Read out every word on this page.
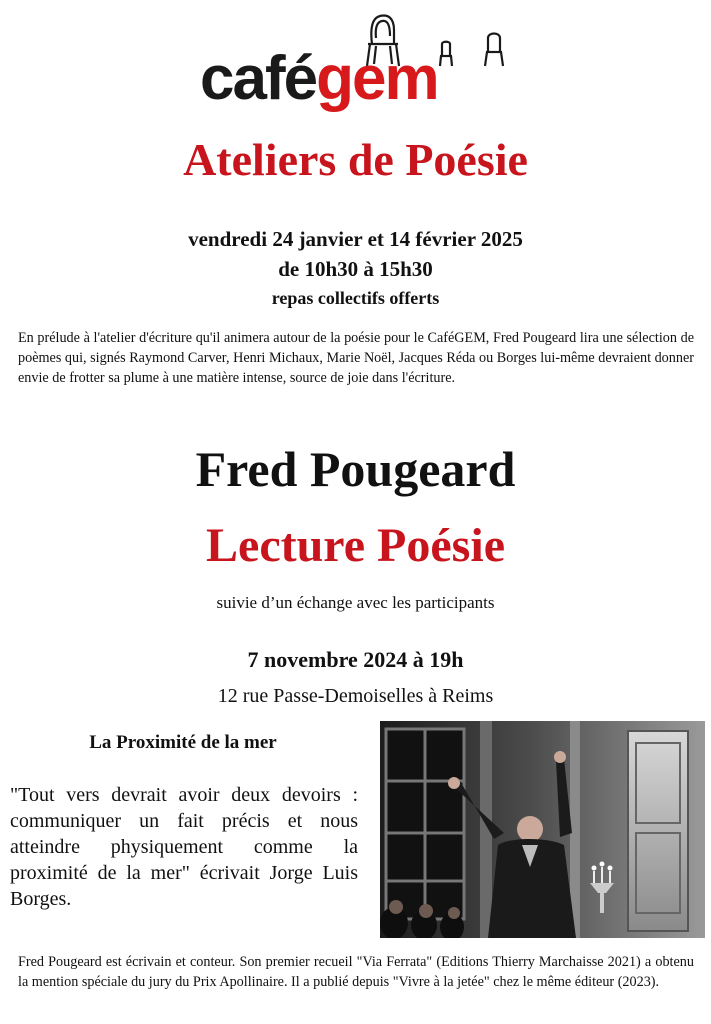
cafégem
Ateliers de Poésie

vendredi 24 janvier et 14 février 2025

de 10h30 à 15h30

repas collectifs offerts

En prélude à l'atelier d'écriture qu'il animera autour de la poésie pour le CaféGEM, Fred Pougeard lira une sélection de poèmes qui, signés Raymond Carver, Henri Michaux, Marie Noël, Jacques Réda ou Borges lui-même devraient donner envie de frotter sa plume à une matière intense, source de joie dans l'écriture.

Fred Pougeard
Lecture Poésie

suivie d’un échange avec les participants

7 novembre 2024 à 19h

12 rue Passe-Demoiselles à Reims

La Proximité de la mer

"Tout vers devrait avoir deux devoirs : communiquer un fait précis et nous atteindre physiquement comme la proximité de la mer" écrivait Jorge Luis Borges.

Fred Pougeard est écrivain et conteur. Son premier recueil "Via Ferrata" (Editions Thierry Marchaisse 2021) a obtenu la mention spéciale du jury du Prix Apollinaire. Il a publié depuis "Vivre à la jetée" chez le même éditeur (2023).
